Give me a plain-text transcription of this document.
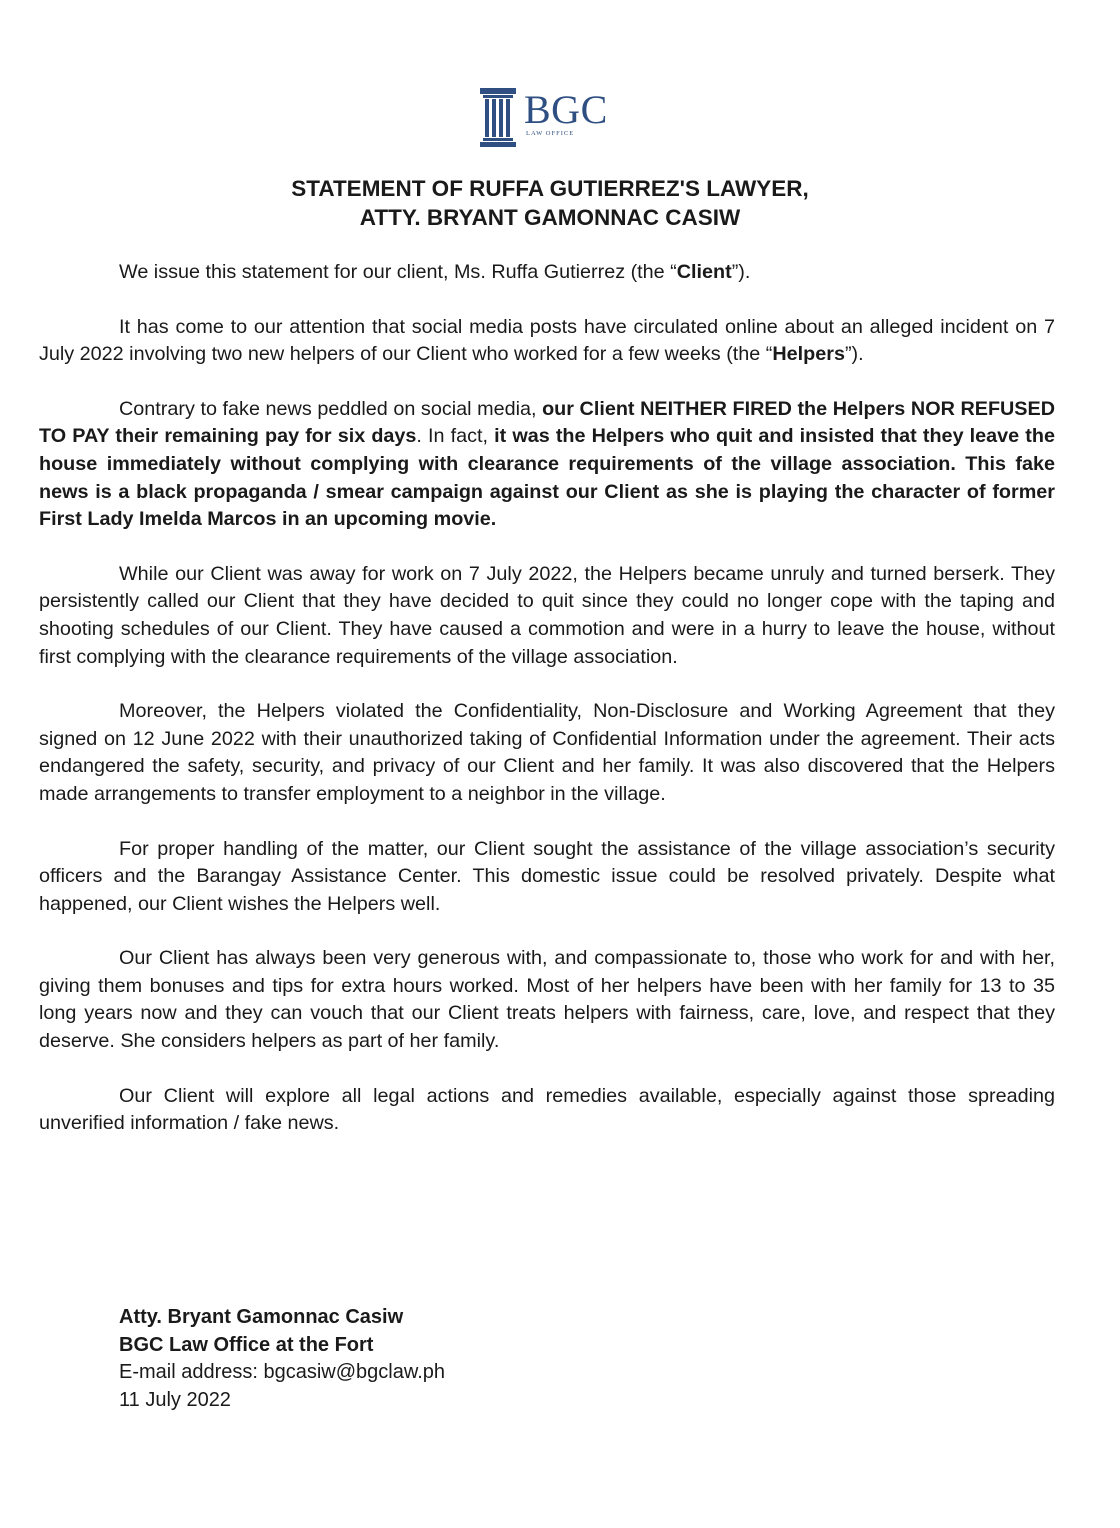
BGC
LAW OFFICE
STATEMENT OF RUFFA GUTIERREZ'S LAWYER,
ATTY. BRYANT GAMONNAC CASIW

We issue this statement for our client, Ms. Ruffa Gutierrez (the “Client”).

It has come to our attention that social media posts have circulated online about an alleged incident on 7 July 2022 involving two new helpers of our Client who worked for a few weeks (the “Helpers”).

Contrary to fake news peddled on social media, our Client NEITHER FIRED the Helpers NOR REFUSED TO PAY their remaining pay for six days. In fact, it was the Helpers who quit and insisted that they leave the house immediately without complying with clearance requirements of the village association. This fake news is a black propaganda / smear campaign against our Client as she is playing the character of former First Lady Imelda Marcos in an upcoming movie.

While our Client was away for work on 7 July 2022, the Helpers became unruly and turned berserk. They persistently called our Client that they have decided to quit since they could no longer cope with the taping and shooting schedules of our Client. They have caused a commotion and were in a hurry to leave the house, without first complying with the clearance requirements of the village association.

Moreover, the Helpers violated the Confidentiality, Non-Disclosure and Working Agreement that they signed on 12 June 2022 with their unauthorized taking of Confidential Information under the agreement. Their acts endangered the safety, security, and privacy of our Client and her family. It was also discovered that the Helpers made arrangements to transfer employment to a neighbor in the village.

For proper handling of the matter, our Client sought the assistance of the village association’s security officers and the Barangay Assistance Center. This domestic issue could be resolved privately. Despite what happened, our Client wishes the Helpers well.

Our Client has always been very generous with, and compassionate to, those who work for and with her, giving them bonuses and tips for extra hours worked. Most of her helpers have been with her family for 13 to 35 long years now and they can vouch that our Client treats helpers with fairness, care, love, and respect that they deserve. She considers helpers as part of her family.

Our Client will explore all legal actions and remedies available, especially against those spreading unverified information / fake news.

Atty. Bryant Gamonnac Casiw
BGC Law Office at the Fort
E-mail address: bgcasiw@bgclaw.ph
11 July 2022
